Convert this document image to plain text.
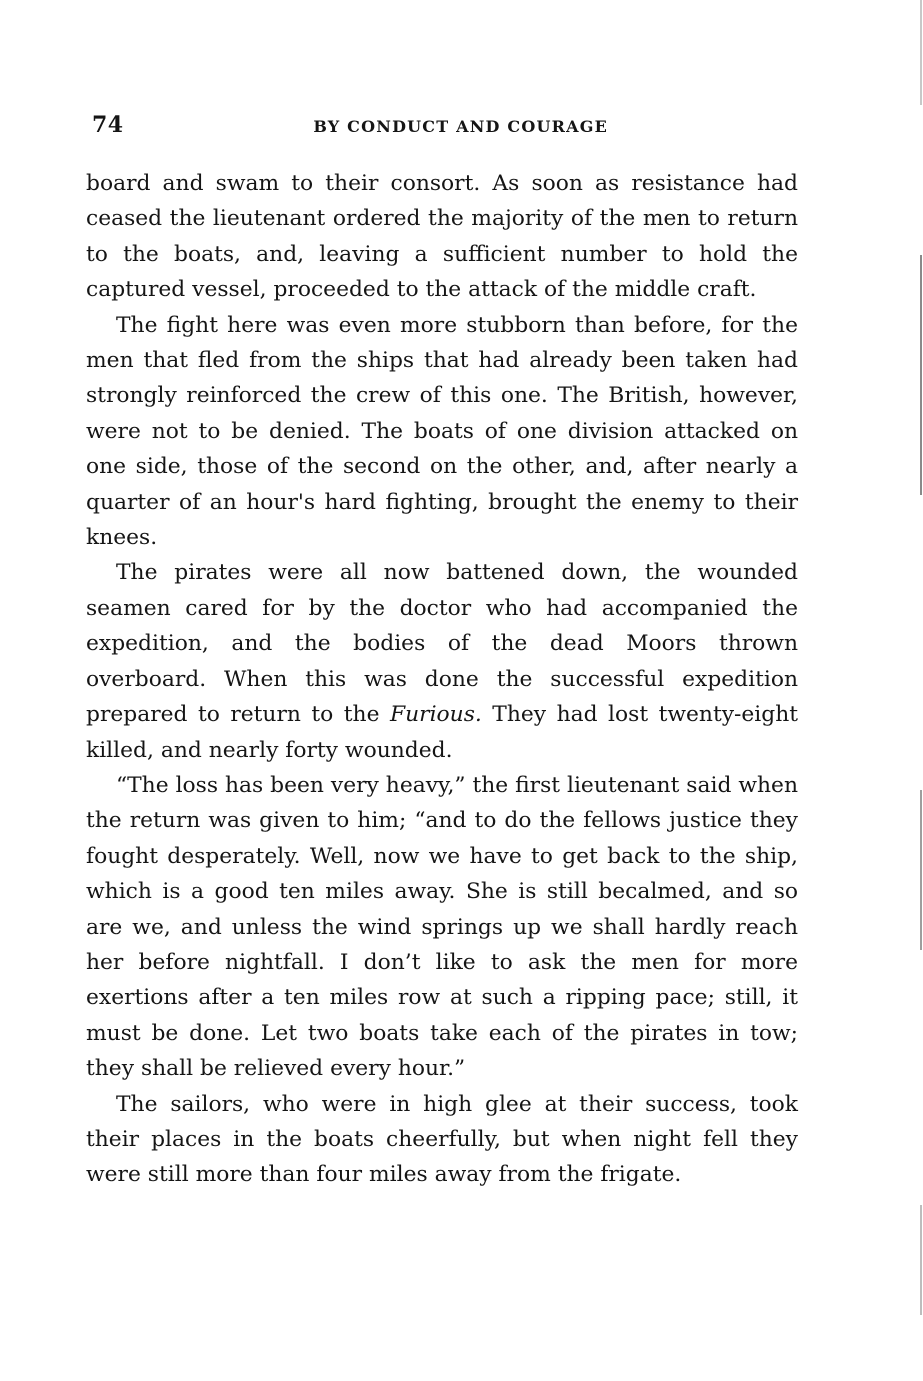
74	BY CONDUCT AND COURAGE

board and swam to their consort. As soon as resistance had ceased the lieutenant ordered the majority of the men to return to the boats, and, leaving a sufficient number to hold the captured vessel, proceeded to the attack of the middle craft.

The fight here was even more stubborn than before, for the men that fled from the ships that had already been taken had strongly reinforced the crew of this one. The British, however, were not to be denied. The boats of one division attacked on one side, those of the second on the other, and, after nearly a quarter of an hour's hard fighting, brought the enemy to their knees.

The pirates were all now battened down, the wounded seamen cared for by the doctor who had accompanied the expedition, and the bodies of the dead Moors thrown overboard. When this was done the successful expedition prepared to return to the Furious. They had lost twenty-eight killed, and nearly forty wounded.

“The loss has been very heavy,” the first lieutenant said when the return was given to him; “and to do the fellows justice they fought desperately. Well, now we have to get back to the ship, which is a good ten miles away. She is still becalmed, and so are we, and unless the wind springs up we shall hardly reach her before nightfall. I don’t like to ask the men for more exertions after a ten miles row at such a ripping pace; still, it must be done. Let two boats take each of the pirates in tow; they shall be relieved every hour.”

The sailors, who were in high glee at their success, took their places in the boats cheerfully, but when night fell they were still more than four miles away from the frigate.
